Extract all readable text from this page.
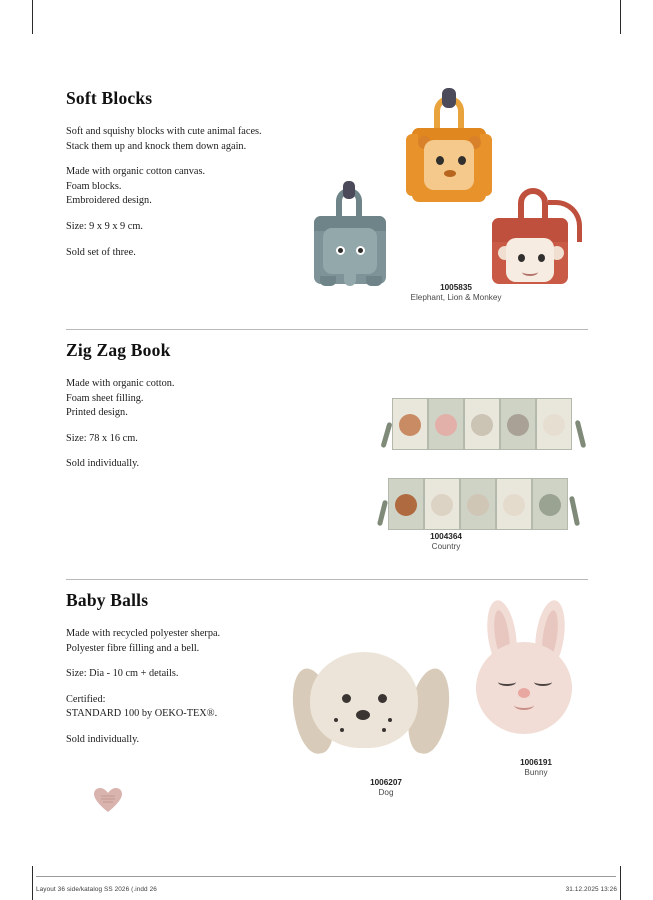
Soft Blocks

Soft and squishy blocks with cute animal faces.
Stack them up and knock them down again.

Made with organic cotton canvas.
Foam blocks.
Embroidered design.

Size: 9 x 9 x 9 cm.

Sold set of three.

1005835
Elephant, Lion & Monkey
Zig Zag Book

Made with organic cotton.
Foam sheet filling.
Printed design.

Size: 78 x 16 cm.

Sold individually.

1004364
Country
Baby Balls

Made with recycled polyester sherpa.
Polyester fibre filling and a bell.

Size: Dia - 10 cm + details.

Certified:
STANDARD 100 by OEKO-TEX®.

Sold individually.

1006207
Dog
1006191
Bunny
Layout 36 side/katalog SS 2026 (.indd 26	31.12.2025 13:26
